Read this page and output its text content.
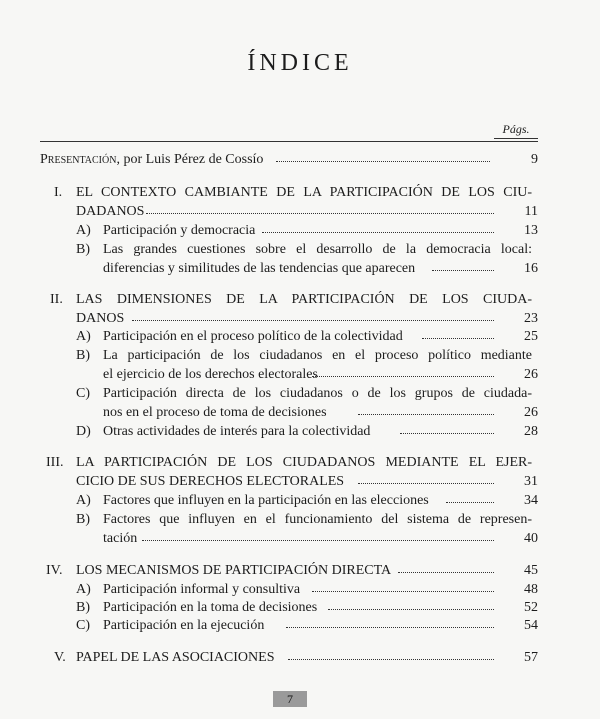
ÍNDICE
Págs.
Presentación, por Luis Pérez de Cossío	9
I. EL CONTEXTO CAMBIANTE DE LA PARTICIPACIÓN DE LOS CIU-
DADANOS	11
A) Participación y democracia	13
B) Las grandes cuestiones sobre el desarrollo de la democracia local:
diferencias y similitudes de las tendencias que aparecen	16
II. LAS DIMENSIONES DE LA PARTICIPACIÓN DE LOS CIUDA-
DANOS	23
A) Participación en el proceso político de la colectividad	25
B) La participación de los ciudadanos en el proceso político mediante
el ejercicio de los derechos electorales	26
C) Participación directa de los ciudadanos o de los grupos de ciudada-
nos en el proceso de toma de decisiones	26
D) Otras actividades de interés para la colectividad	28
III. LA PARTICIPACIÓN DE LOS CIUDADANOS MEDIANTE EL EJER-
CICIO DE SUS DERECHOS ELECTORALES	31
A) Factores que influyen en la participación en las elecciones	34
B) Factores que influyen en el funcionamiento del sistema de represen-
tación	40
IV. LOS MECANISMOS DE PARTICIPACIÓN DIRECTA	45
A) Participación informal y consultiva	48
B) Participación en la toma de decisiones	52
C) Participación en la ejecución	54
V. PAPEL DE LAS ASOCIACIONES	57
7
